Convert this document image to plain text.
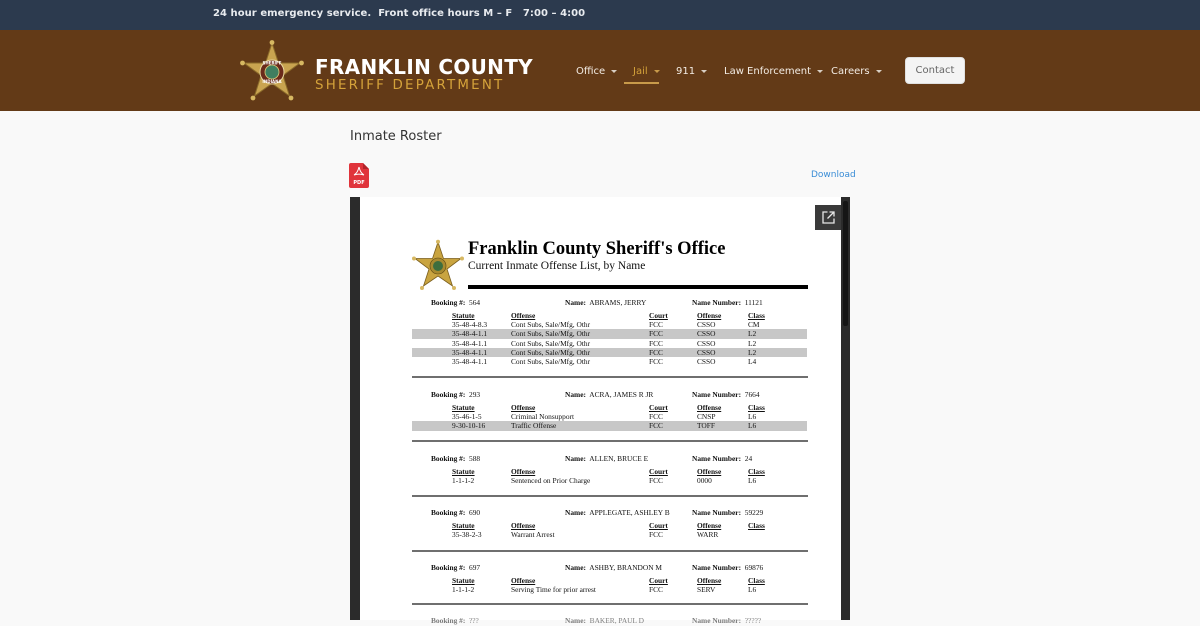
24 hour emergency service.  Front office hours M – F   7:00 – 4:00
SHERIFF
INDIANA
FRANKLIN COUNTY
SHERIFF DEPARTMENT
Office	Jail	911	Law Enforcement Careers	Contact
Inmate Roster
PDF
Download
Franklin County Sheriff's Office
Current Inmate Offense List, by Name
Booking #: 564	Name: ABRAMS, JERRY	Name Number: 11121
Statute	Offense	Court	Offense	Class
35-48-4-8.3	Cont Subs, Sale/Mfg, Othr	FCC	CSSO	CM
35-48-4-1.1	Cont Subs, Sale/Mfg, Othr	FCC	CSSO	L2
35-48-4-1.1	Cont Subs, Sale/Mfg, Othr	FCC	CSSO	L2
35-48-4-1.1	Cont Subs, Sale/Mfg, Othr	FCC	CSSO	L2
35-48-4-1.1	Cont Subs, Sale/Mfg, Othr	FCC	CSSO	L4
Booking #: 293	Name: ACRA, JAMES R JR	Name Number: 7664
Statute	Offense	Court	Offense	Class
35-46-1-5	Criminal Nonsupport	FCC	CNSP	L6
9-30-10-16	Traffic Offense	FCC	TOFF	L6
Booking #: 588	Name: ALLEN, BRUCE E	Name Number: 24
Statute	Offense	Court	Offense	Class
1-1-1-2	Sentenced on Prior Charge	FCC	0000	L6
Booking #: 690	Name: APPLEGATE, ASHLEY B	Name Number: 59229
Statute	Offense	Court	Offense	Class
35-38-2-3	Warrant Arrest	FCC	WARR
Booking #: 697	Name: ASHBY, BRANDON M	Name Number: 69876
Statute	Offense	Court	Offense	Class
1-1-1-2	Serving Time for prior arrest	FCC	SERV	L6
Booking #: ???	Name: BAKER, PAUL D	Name Number: ?????
